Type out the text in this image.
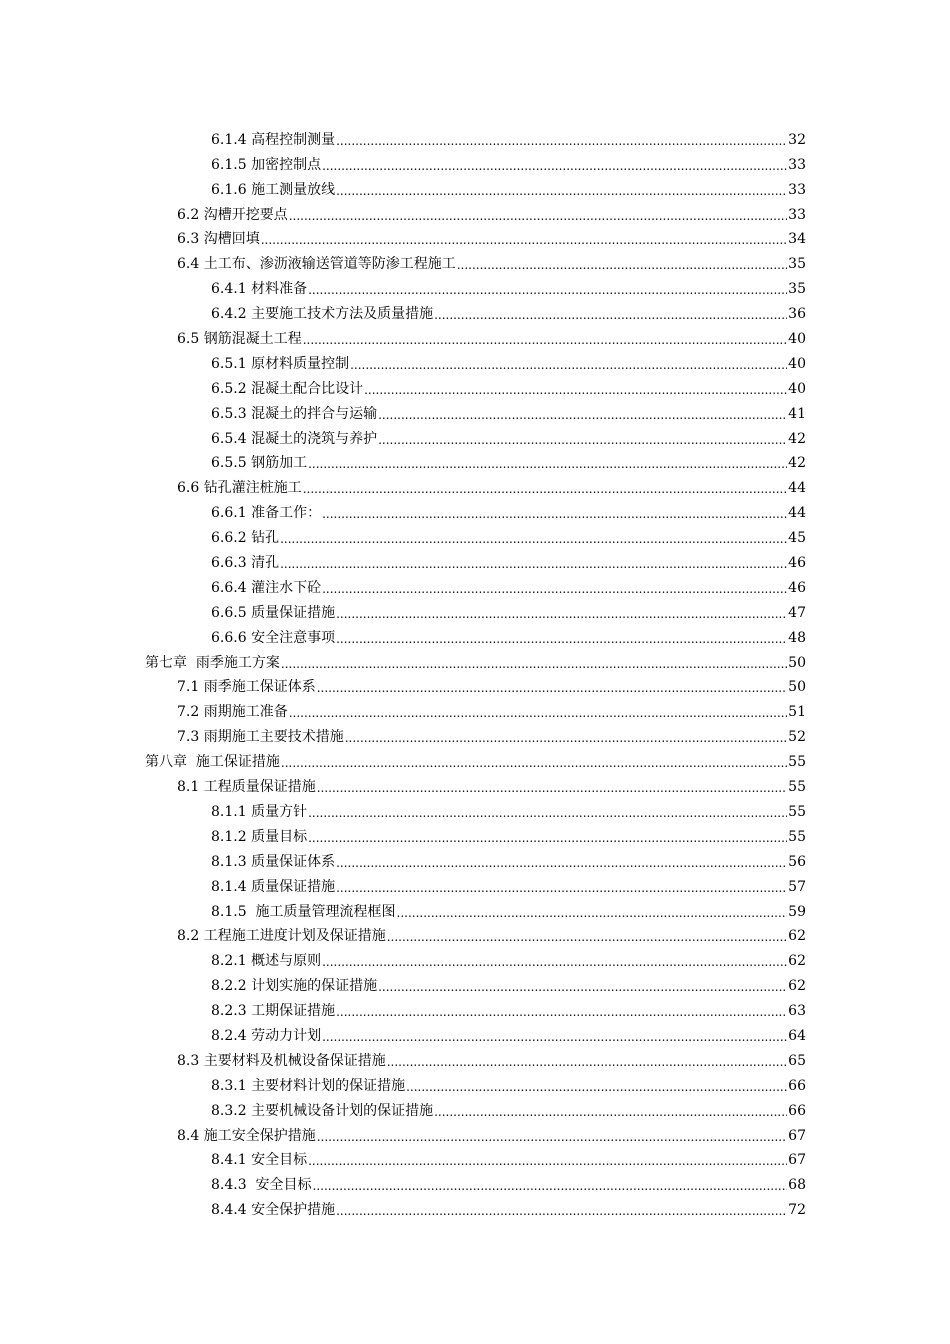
6.1.4 高程控制测量 .....	32
6.1.5 加密控制点 .....	33
6.1.6 施工测量放线 .....	33
6.2 沟槽开挖要点 .....	33
6.3 沟槽回填 .....	34
6.4 土工布、渗沥液输送管道等防渗工程施工 .....	35
6.4.1 材料准备 .....	35
6.4.2 主要施工技术方法及质量措施 .....	36
6.5 钢筋混凝土工程 .....	40
6.5.1 原材料质量控制 .....	40
6.5.2 混凝土配合比设计 .....	40
6.5.3 混凝土的拌合与运输 .....	41
6.5.4 混凝土的浇筑与养护 .....	42
6.5.5 钢筋加工 .....	42
6.6 钻孔灌注桩施工 .....	44
6.6.1 准备工作： .....	44
6.6.2 钻孔 .....	45
6.6.3 清孔 .....	46
6.6.4 灌注水下砼 .....	46
6.6.5 质量保证措施 .....	47
6.6.6 安全注意事项 .....	48
第七章  雨季施工方案 .....	50
7.1 雨季施工保证体系 .....	50
7.2 雨期施工准备 .....	51
7.3 雨期施工主要技术措施 .....	52
第八章  施工保证措施 .....	55
8.1 工程质量保证措施 .....	55
8.1.1 质量方针 .....	55
8.1.2 质量目标 .....	55
8.1.3 质量保证体系 .....	56
8.1.4 质量保证措施 .....	57
8.1.5  施工质量管理流程框图 .....	59
8.2 工程施工进度计划及保证措施 .....	62
8.2.1 概述与原则 .....	62
8.2.2 计划实施的保证措施 .....	62
8.2.3 工期保证措施 .....	63
8.2.4 劳动力计划 .....	64
8.3 主要材料及机械设备保证措施 .....	65
8.3.1 主要材料计划的保证措施 .....	66
8.3.2 主要机械设备计划的保证措施 .....	66
8.4 施工安全保护措施 .....	67
8.4.1 安全目标 .....	67
8.4.3  安全目标 .....	68
8.4.4 安全保护措施 .....	72
